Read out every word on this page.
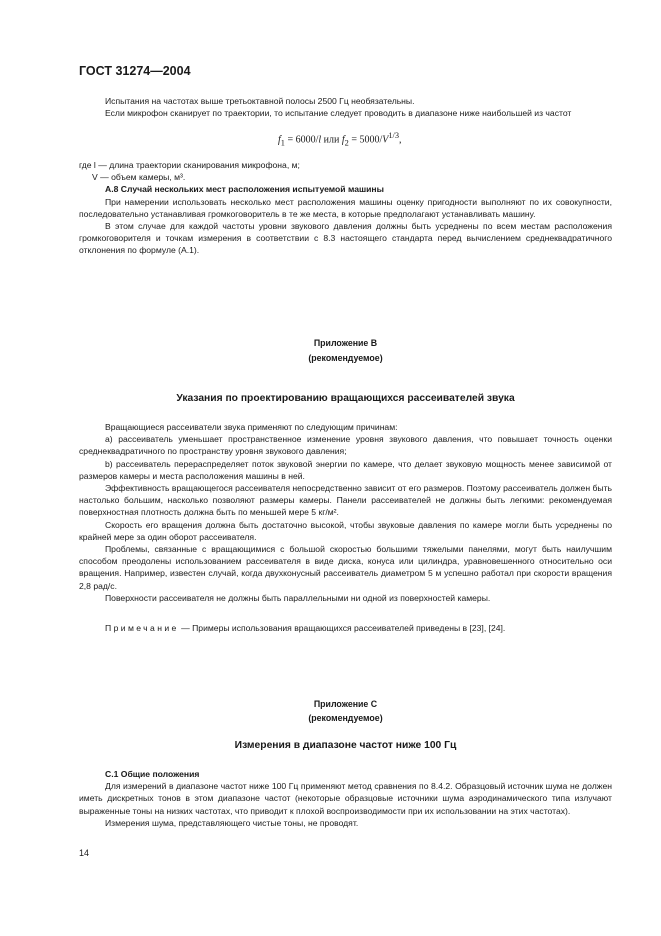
ГОСТ 31274—2004

Испытания на частотах выше третьоктавной полосы 2500 Гц необязательны.

Если микрофон сканирует по траектории, то испытание следует проводить в диапазоне ниже наибольшей из частот

$f_1 = 6000/l$ или $f_2 = 5000/V^{1/3}$,

где l — длина траектории сканирования микрофона, м;

V — объем камеры, м³.

А.8 Случай нескольких мест расположения испытуемой машины

При намерении использовать несколько мест расположения машины оценку пригодности выполняют по их совокупности, последовательно устанавливая громкоговоритель в те же места, в которые предполагают устанавливать машину.

В этом случае для каждой частоты уровни звукового давления должны быть усреднены по всем местам расположения громкоговорителя и точкам измерения в соответствии с 8.3 настоящего стандарта перед вычислением среднеквадратичного отклонения по формуле (А.1).

Приложение В
(рекомендуемое)
Указания по проектированию вращающихся рассеивателей звука

Вращающиеся рассеиватели звука применяют по следующим причинам:

а) рассеиватель уменьшает пространственное изменение уровня звукового давления, что повышает точность оценки среднеквадратичного по пространству уровня звукового давления;

b) рассеиватель перераспределяет поток звуковой энергии по камере, что делает звуковую мощность менее зависимой от размеров камеры и места расположения машины в ней.

Эффективность вращающегося рассеивателя непосредственно зависит от его размеров. Поэтому рассеиватель должен быть настолько большим, насколько позволяют размеры камеры. Панели рассеивателей не должны быть легкими: рекомендуемая поверхностная плотность должна быть по меньшей мере 5 кг/м².

Скорость его вращения должна быть достаточно высокой, чтобы звуковые давления по камере могли быть усреднены по крайней мере за один оборот рассеивателя.

Проблемы, связанные с вращающимися с большой скоростью большими тяжелыми панелями, могут быть наилучшим способом преодолены использованием рассеивателя в виде диска, конуса или цилиндра, уравновешенного относительно оси вращения. Например, известен случай, когда двухконусный рассеиватель диаметром 5 м успешно работал при скорости вращения 2,8 рад/с.

Поверхности рассеивателя не должны быть параллельными ни одной из поверхностей камеры.

Примечание — Примеры использования вращающихся рассеивателей приведены в [23], [24].

Приложение С
(рекомендуемое)
Измерения в диапазоне частот ниже 100 Гц

С.1 Общие положения

Для измерений в диапазоне частот ниже 100 Гц применяют метод сравнения по 8.4.2. Образцовый источник шума не должен иметь дискретных тонов в этом диапазоне частот (некоторые образцовые источники шума аэродинамического типа излучают выраженные тоны на низких частотах, что приводит к плохой воспроизводимости при их использовании на этих частотах).

Измерения шума, представляющего чистые тоны, не проводят.

14
